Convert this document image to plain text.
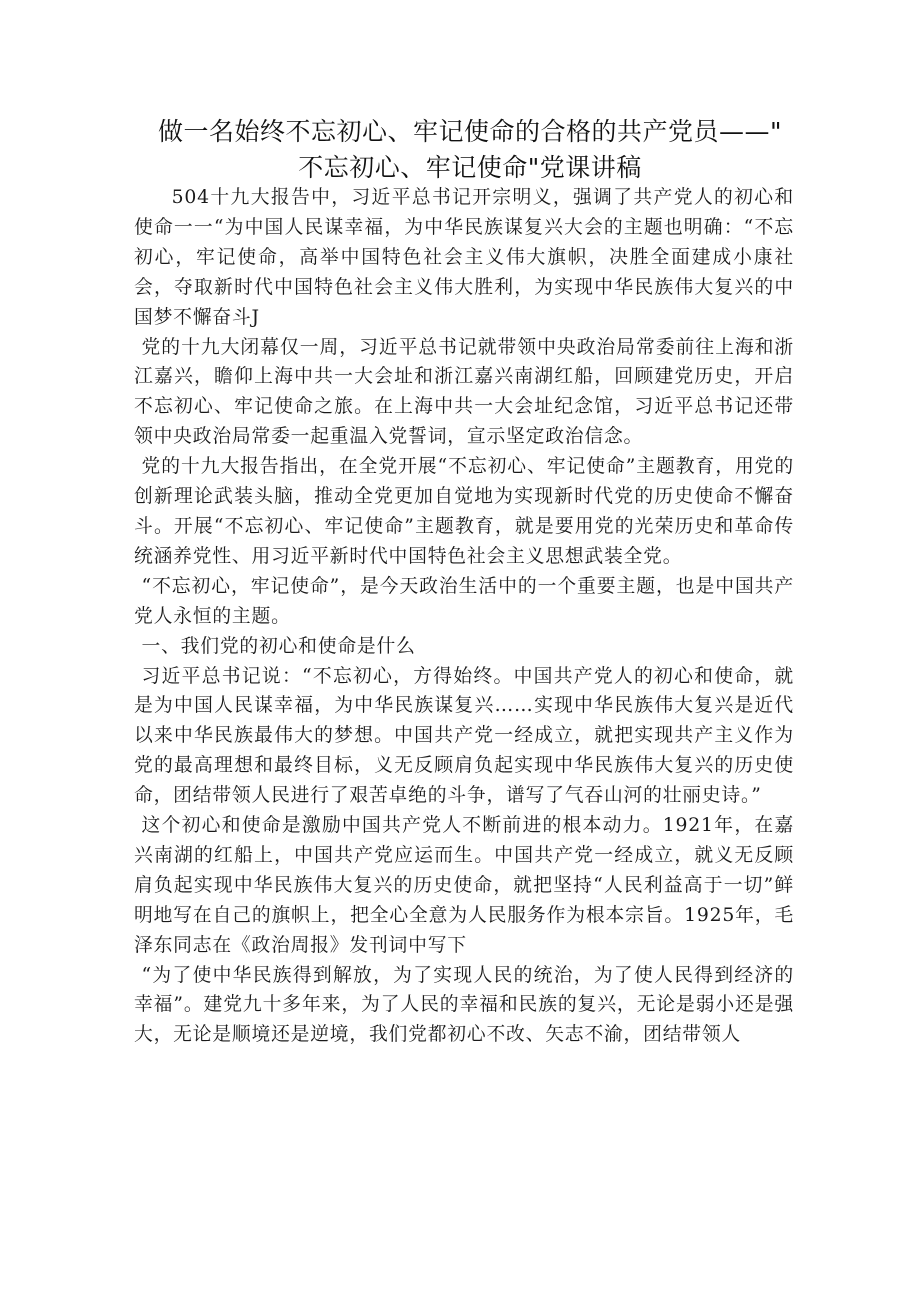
做一名始终不忘初心、牢记使命的合格的共产党员——"
不忘初心、牢记使命"党课讲稿

504十九大报告中，习近平总书记开宗明义，强调了共产党人的初心和使命一一“为中国人民谋幸福，为中华民族谋复兴大会的主题也明确：“不忘初心，牢记使命，高举中国特色社会主义伟大旗帜，决胜全面建成小康社会，夺取新时代中国特色社会主义伟大胜利，为实现中华民族伟大复兴的中国梦不懈奋斗J

党的十九大闭幕仅一周，习近平总书记就带领中央政治局常委前往上海和浙江嘉兴，瞻仰上海中共一大会址和浙江嘉兴南湖红船，回顾建党历史，开启不忘初心、牢记使命之旅。在上海中共一大会址纪念馆，习近平总书记还带领中央政治局常委一起重温入党誓词，宣示坚定政治信念。

党的十九大报告指出，在全党开展“不忘初心、牢记使命”主题教育，用党的创新理论武装头脑，推动全党更加自觉地为实现新时代党的历史使命不懈奋斗。开展“不忘初心、牢记使命”主题教育，就是要用党的光荣历史和革命传统涵养党性、用习近平新时代中国特色社会主义思想武装全党。

“不忘初心，牢记使命”，是今天政治生活中的一个重要主题，也是中国共产党人永恒的主题。

一、我们党的初心和使命是什么

习近平总书记说：“不忘初心，方得始终。中国共产党人的初心和使命，就是为中国人民谋幸福，为中华民族谋复兴……实现中华民族伟大复兴是近代以来中华民族最伟大的梦想。中国共产党一经成立，就把实现共产主义作为党的最高理想和最终目标，义无反顾肩负起实现中华民族伟大复兴的历史使命，团结带领人民进行了艰苦卓绝的斗争，谱写了气吞山河的壮丽史诗。”

这个初心和使命是激励中国共产党人不断前进的根本动力。1921年，在嘉兴南湖的红船上，中国共产党应运而生。中国共产党一经成立，就义无反顾肩负起实现中华民族伟大复兴的历史使命，就把坚持“人民利益高于一切”鲜明地写在自己的旗帜上，把全心全意为人民服务作为根本宗旨。1925年，毛泽东同志在《政治周报》发刊词中写下

“为了使中华民族得到解放，为了实现人民的统治，为了使人民得到经济的幸福”。建党九十多年来，为了人民的幸福和民族的复兴，无论是弱小还是强大，无论是顺境还是逆境，我们党都初心不改、矢志不渝，团结带领人
